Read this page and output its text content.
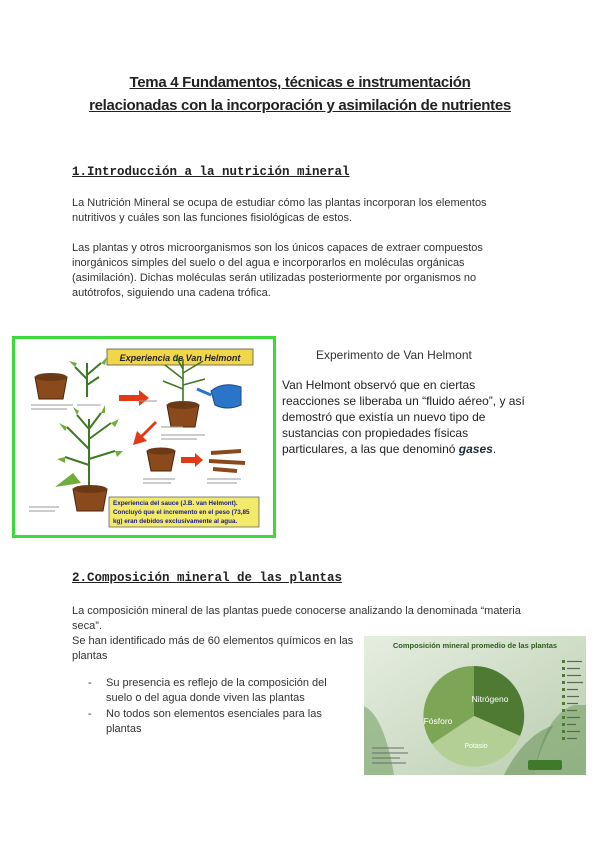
Tema 4 Fundamentos, técnicas e instrumentación
relacionadas con la incorporación y asimilación de nutrientes
1.Introducción a la nutrición mineral
La Nutrición Mineral se ocupa de estudiar cómo las plantas incorporan los elementos
nutritivos y cuáles son las funciones fisiológicas de estos.
Las plantas y otros microorganismos son los únicos capaces de extraer compuestos
inorgánicos simples del suelo o del agua e incorporarlos en moléculas orgánicas
(asimilación). Dichas moléculas serán utilizadas posteriormente por organismos no
autótrofos, siguiendo una cadena trófica.
Experiencia de Van Helmont
Experiencia del sauce (J.B. van Helmont).
Concluyó que el incremento en el peso (73,85
kg) eran debidos exclusivamente al agua.
Experimento de Van Helmont
Van Helmont observó que en ciertas
reacciones se liberaba un “fluido aéreo”, y así
demostró que existía un nuevo tipo de
sustancias con propiedades físicas
particulares, a las que denominó gases.
2.Composición mineral de las plantas
La composición mineral de las plantas puede conocerse analizando la denominada “materia
seca”.
Se han identificado más de 60 elementos químicos en las
plantas
- Su presencia es reflejo de la composición del
suelo o del agua donde viven las plantas
- No todos son elementos esenciales para las
plantas
Composición mineral promedio de las plantas
Nitrógeno
Fósforo
Potasio
